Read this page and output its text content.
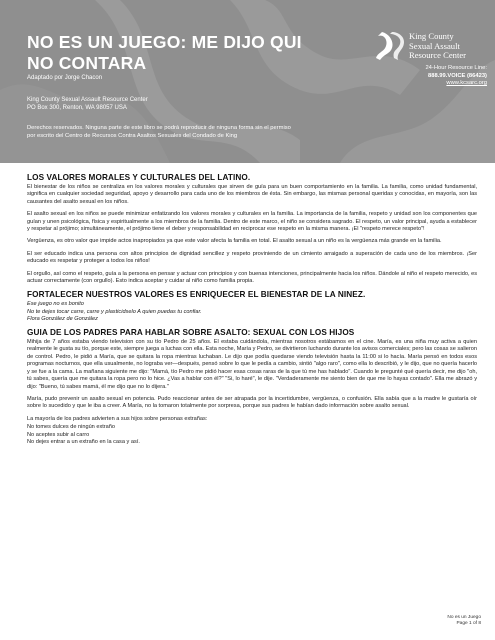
NO ES UN JUEGO: ME DIJO QUI
NO CONTARA
Adaptado por Jorge Chacon
King County Sexual Assault Resource Center
PO Box 300, Renton, WA 98057 USA
Derechos reservados. Ninguna parte de este libro se podrá reproducir de ninguna forma sin el permiso
por escrito del Centro de Recursos Contra Asaltos Sexuales del Condado de King
King County
Sexual Assault
Resource Center
24-Hour Resource Line:
888.99.VOICE (86423)
www.kcsarc.org
LOS VALORES MORALES Y CULTURALES DEL LATINO.

El bienestar de los niños se centraliza en los valores morales y culturales que sirven de guía para un buen comportamiento en la familia. La familia, como unidad fundamental, significa en cualquier sociedad seguridad, apoyo y desarrollo para cada uno de los miembros de ésta. Sin embargo, las mismas personal queridas y conocidas, en mayoría, son las causantes del asalto sexual en los niños.

El asalto sexual en los niños se puede minimizar enfatizando los valores morales y culturales en la familia. La importancia de la familia, respeto y unidad son los componentes que guían y unen psicológica, física y espiritualmente a los miembros de la familia. Dentro de este marco, el niño se considera sagrado. El respeto, un valor principal, ayuda a establecer y respetar al prójimo; simultáneamente, el prójimo tiene el deber y responsabilidad en reciprocar ese respeto en la misma manera. ¡El "respeto merece respeto"!

Vergüenza, es otro valor que impide actos inapropiados ya que este valor afecta la familia en total. El asalto sexual a un niño es la vergüenza más grande en la familia.

El ser educado indica una persona con altos principios de dignidad sencillez y respeto proviniendo de un cimiento arraigado a superación de cada uno de los miembros. ¡Ser educado es respetar y proteger a todos los niños!

El orgullo, así como el respeto, guía a la persona en pensar y actuar con principios y con buenas intenciones, principalmente hacia los niños. Dándole al niño el respeto merecido, es actuar correctamente (con orgullo). Esto indica aceptar y cuidar al niño como familia propia.

FORTALECER NUESTROS VALORES ES ENRIQUECER EL BIENESTAR DE LA NINEZ.
Ese juego no es bonito
No te dejes tocar carre, carre y plasticidselo A quien puedas tu confiar.
Flora González de González
GUIA DE LOS PADRES PARA HABLAR SOBRE ASALTO: SEXUAL CON LOS HIJOS

Mihija de 7 años estaba viendo television con su tío Pedro de 25 años. El estaba cuidándola, mientras nosotros estábamos en el cine. María, es una niña muy activa a quien realmente le gusta su tío, porque este, siempre juega a luchas con ella. Esta noche, María y Pedro, se divirtieron luchando durante los avisos comerciales; pero las cosas se salieron de control. Pedro, le pidió a María, que se quitara la ropa mientras luchaban. Le dijo que podía quedarse viendo televisión hasta la 11:00 si lo hacía. María pensó en todos esos programas nocturnos, que ella usualmente, no lograba ver—después, pensó sobre lo que le pedía a cambio, sintió "algo raro", como ella lo describió, y le dijo, que no quería hacerlo y se fue a la cama. La mañana siguiente me dijo: "Mamá, tío Pedro me pidió hacer esas cosas raras de la que tú me has hablado". Cuando le pregunté qué quería decir, me dijo "oh, tú sabes, quería que me quitara la ropa pero no lo hice. ¿Vas a hablar con él?" "Si, lo haré", le dije. "Verdaderamente me siento bien de que me lo hayas contado". Ella me abrazó y dijo: "Bueno, tú sabes mamá, él me dijo que no lo dijera."

María, pudo prevenir un asalto sexual en potencia. Pudo reaccionar antes de ser atrapada por la incertidumbre, vergüenza, o confusión. Ella sabía que a la madre le gustaría oír sobre lo sucedido y que le iba a creer. A María, no la tomaron totalmente por sorpresa, porque sus padres le habían dado información sobre asalto sexual.

La mayoría de los padres advierten a sus hijos sobre personas extrañas:

No tomes dulces de ningún extraño
No aceptes subir al carro
No dejes entrar a un extraño en la casa y así.
No es un Juego
Page 1 of 8
